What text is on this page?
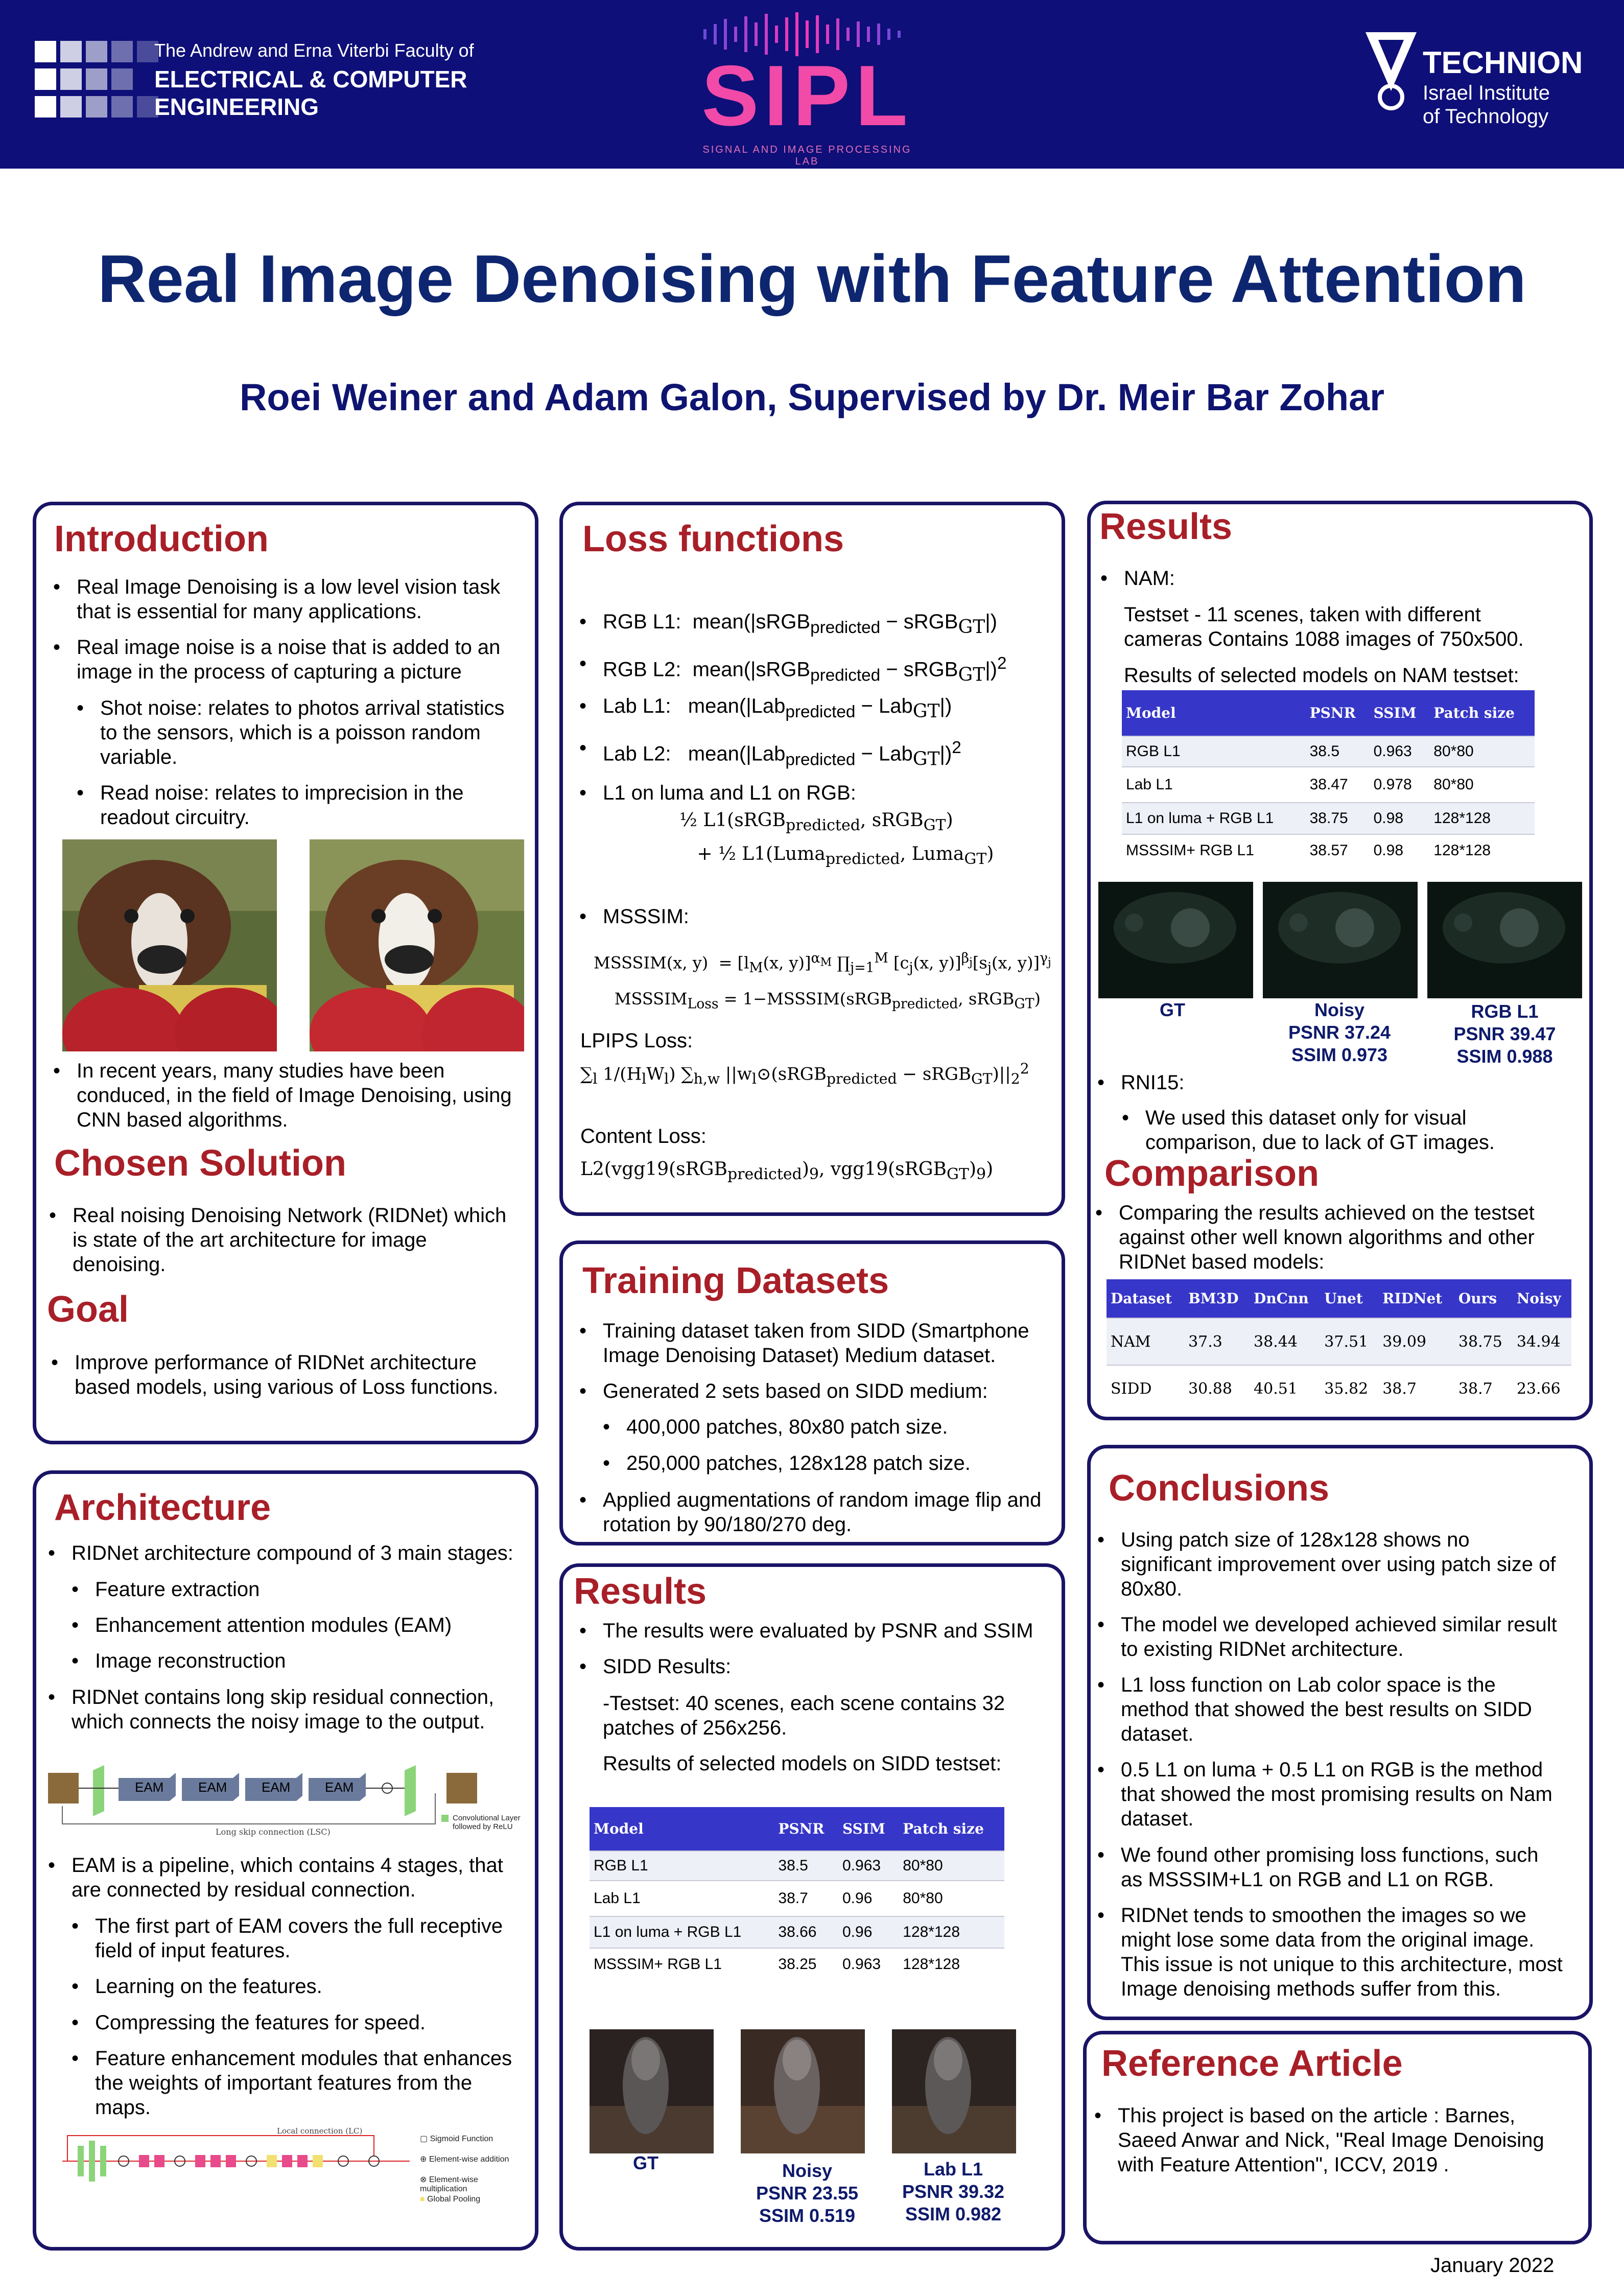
The Andrew and Erna Viterbi Faculty of
ELECTRICAL & COMPUTER
ENGINEERING	SIPL
SIGNAL AND IMAGE PROCESSING LAB
TECHNION
Israel Institute
of Technology
Real Image Denoising with Feature Attention
Roei Weiner and Adam Galon, Supervised by Dr. Meir Bar Zohar
Introduction
• Real Image Denoising is a low level vision task that is essential for many applications.
• Real image noise is a noise that is added to an image in the process of capturing a picture
• Shot noise: relates to photos arrival statistics to the sensors, which is a poisson random variable.
• Read noise: relates to imprecision in the readout circuitry.
• In recent years, many studies have been conduced, in the field of Image Denoising, using CNN based algorithms.
Chosen Solution
• Real noising Denoising Network (RIDNet) which is state of the art architecture for image denoising.
Goal
• Improve performance of RIDNet architecture based models, using various of Loss functions.
Architecture
• RIDNet architecture compound of 3 main stages:
• Feature extraction
• Enhancement attention modules (EAM)
• Image reconstruction
• RIDNet contains long skip residual connection, which connects the noisy image to the output.
EAM	EAM	EAM	EAM
Long skip connection (LSC)
Convolutional Layer followed by ReLU
• EAM is a pipeline, which contains 4 stages, that are connected by residual connection.
• The first part of EAM covers the full receptive field of input features.
• Learning on the features.
• Compressing the features for speed.
• Feature enhancement modules that enhances the weights of important features from the maps.
Local connection (LC)
▢ Sigmoid Function
⊕ Element-wise addition
⊗ Element-wise multiplication
■ Global Pooling
Loss functions
• RGB L1:  mean(|sRGB$_{predicted}$ − sRGB$_{GT}$|)
• RGB L2:  mean(|sRGB$_{predicted}$ − sRGB$_{GT}$|)$^2$
• Lab L1:   mean(|Lab$_{predicted}$ − Lab$_{GT}$|)
• Lab L2:   mean(|Lab$_{predicted}$ − Lab$_{GT}$|)$^2$
• L1 on luma and L1 on RGB:
½ L1(sRGB$_{predicted}$, sRGB$_{GT}$)
+ ½ L1(Luma$_{predicted}$, Luma$_{GT}$)
• MSSSIM:
MSSSIM(x, $y) = [l_M(x$, y)]$^{\alpha_M}$ $\prod_{j=1}^M$ [$c_j(x$, $y)]^{\beta_j}[s_j(x$, y)]$^{\gamma_j}$
$MSSSIM_{Loss}$ = 1−MSSSIM(sRGB$_{predicted}$, sRGB$_{GT}$)
LPIPS Loss:
$\sum_l$ $1/(H_lW_l)$ $\sum_{h,w}$ $||w_l⊙(sRGB_{predicted}$ − $sRGB_{GT})||_2^2$
Content Loss:
$L2(vgg19(sRGB_{predicted})_9$, $vgg19(sRGB_{GT})_9$)
Training Datasets
• Training dataset taken from SIDD (Smartphone Image Denoising Dataset) Medium dataset.
• Generated 2 sets based on SIDD medium:
• 400,000 patches, 80x80 patch size.
• 250,000 patches, 128x128 patch size.
• Applied augmentations of random image flip and rotation by 90/180/270 deg.
Results
• The results were evaluated by PSNR and SSIM
• SIDD Results:
-Testset: 40 scenes, each scene contains 32 patches of 256x256.
Results of selected models on SIDD testset:
Model	PSNR	SSIM	Patch size
RGB L1	38.5	0.963	80*80
Lab L1	38.7	0.96	80*80
L1 on luma + RGB L1	38.66	0.96	128*128
MSSSIM+ RGB L1	38.25	0.963	128*128
GT	Noisy
PSNR 23.55
SSIM 0.519
Lab L1
PSNR 39.32
SSIM 0.982
Results
• NAM:
Testset - 11 scenes, taken with different cameras Contains 1088 images of 750x500.
Results of selected models on NAM testset:
Model	PSNR	SSIM	Patch size
RGB L1	38.5	0.963	80*80
Lab L1	38.47	0.978	80*80
L1 on luma + RGB L1	38.75	0.98	128*128
MSSSIM+ RGB L1	38.57	0.98	128*128
GT	Noisy
PSNR 37.24
SSIM 0.973
RGB L1
PSNR 39.47
SSIM 0.988
• RNI15:
• We used this dataset only for visual comparison, due to lack of GT images.
Comparison
• Comparing the results achieved on the testset against other well known algorithms and other RIDNet based models:
Dataset	BM3D	DnCnn	Unet	RIDNet	Ours	Noisy
NAM	37.3	38.44	37.51	39.09	38.75	34.94
SIDD	30.88	40.51	35.82	38.7	38.7	23.66
Conclusions
• Using patch size of 128x128 shows no significant improvement over using patch size of 80x80.
• The model we developed achieved similar result to existing RIDNet architecture.
• L1 loss function on Lab color space is the method that showed the best results on SIDD dataset.
• 0.5 L1 on luma + 0.5 L1 on RGB is the method that showed the most promising results on Nam dataset.
• We found other promising loss functions, such as MSSSIM+L1 on RGB and L1 on RGB.
• RIDNet tends to smoothen the images so we might lose some data from the original image. This issue is not unique to this architecture, most Image denoising methods suffer from this.
Reference Article
• This project is based on the article : Barnes, Saeed Anwar and Nick, "Real Image Denoising with Feature Attention", ICCV, 2019 .
January 2022
